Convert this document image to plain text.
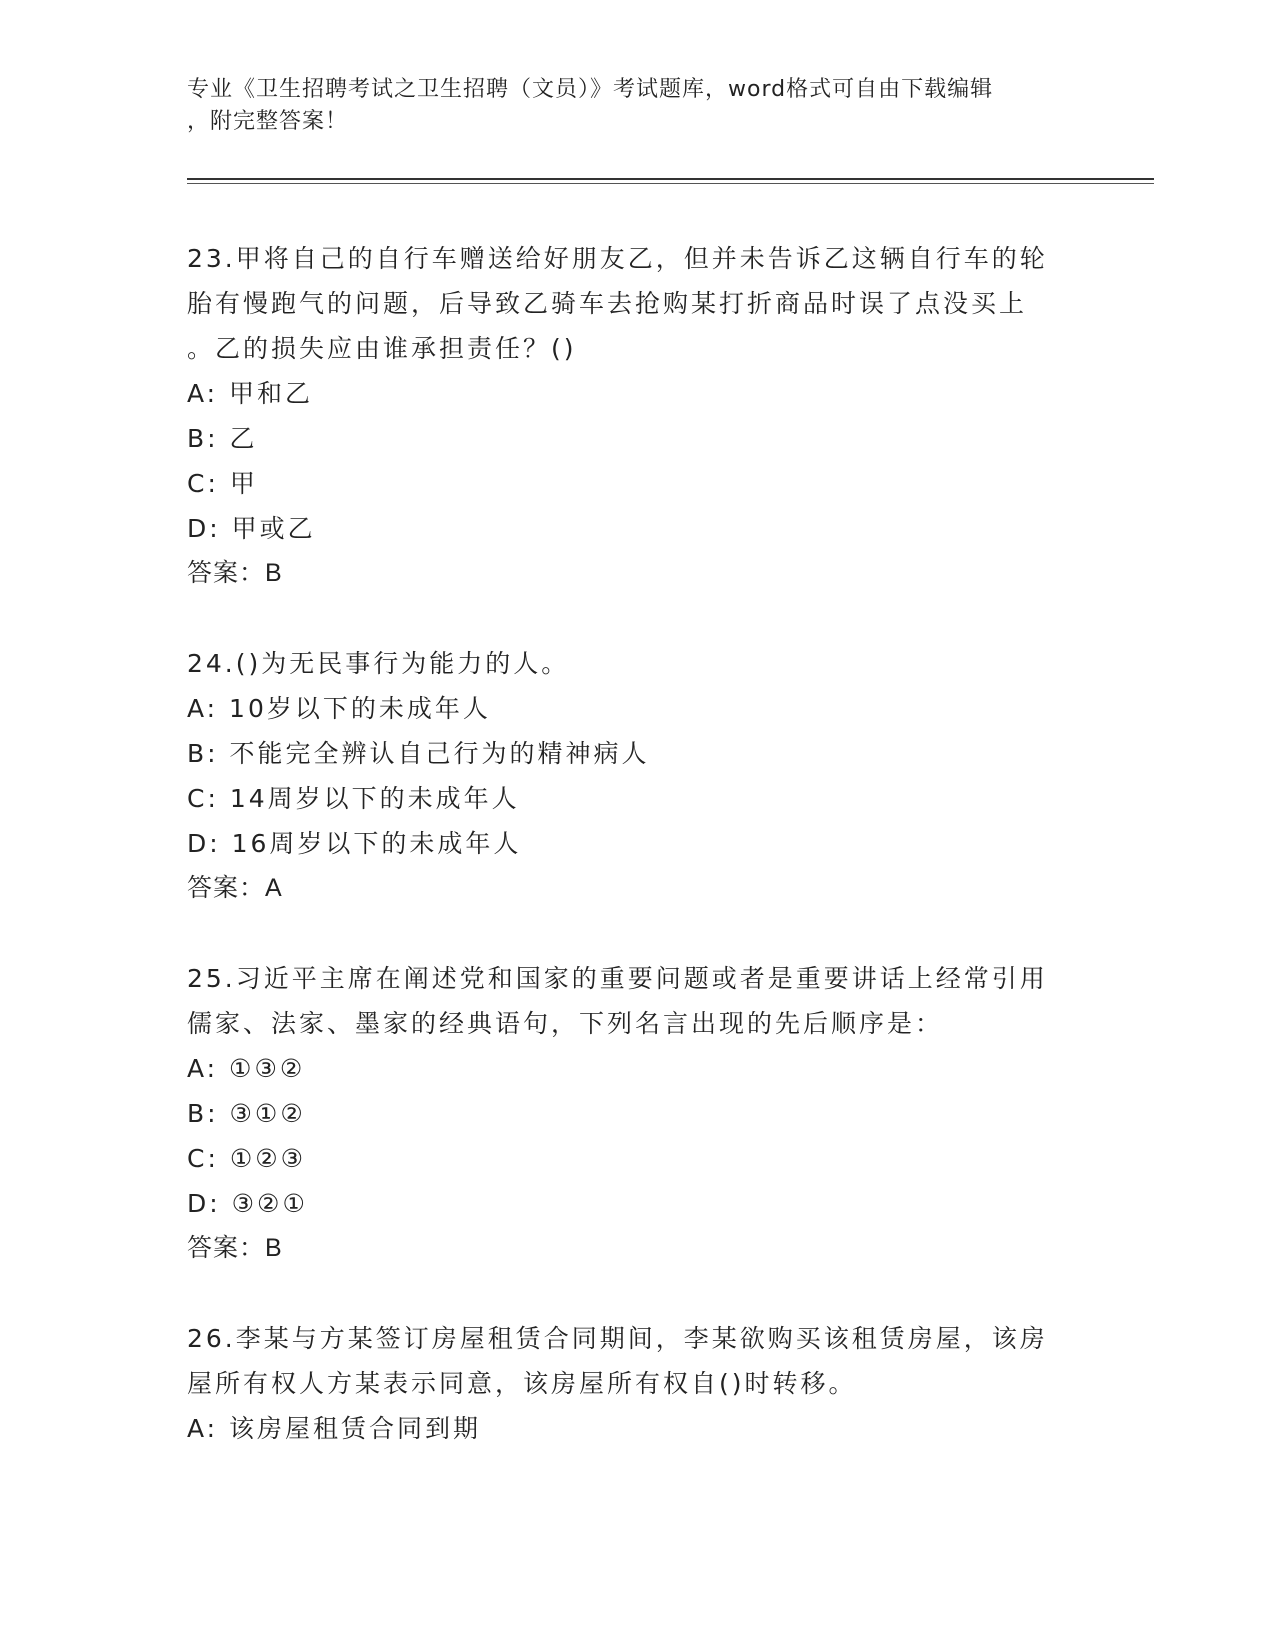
专业《卫生招聘考试之卫生招聘（文员）》考试题库，word格式可自由下载编辑
，附完整答案！
23.甲将自己的自行车赠送给好朋友乙，但并未告诉乙这辆自行车的轮
胎有慢跑气的问题，后导致乙骑车去抢购某打折商品时误了点没买上
。乙的损失应由谁承担责任？()
A: 甲和乙
B: 乙
C: 甲
D: 甲或乙
答案：B
24.()为无民事行为能力的人。
A: 10岁以下的未成年人
B: 不能完全辨认自己行为的精神病人
C: 14周岁以下的未成年人
D: 16周岁以下的未成年人
答案：A
25.习近平主席在阐述党和国家的重要问题或者是重要讲话上经常引用
儒家、法家、墨家的经典语句，下列名言出现的先后顺序是：
A: ①③②
B: ③①②
C: ①②③
D: ③②①
答案：B
26.李某与方某签订房屋租赁合同期间，李某欲购买该租赁房屋，该房
屋所有权人方某表示同意，该房屋所有权自()时转移。
A: 该房屋租赁合同到期
